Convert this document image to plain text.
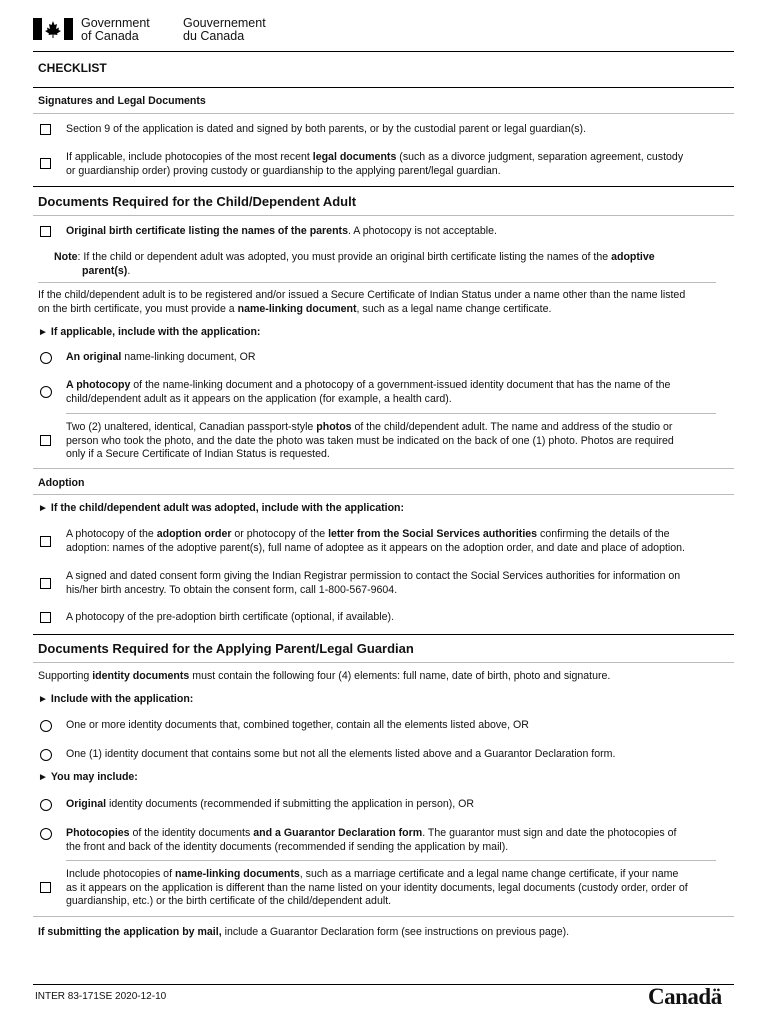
Government
of Canada
Gouvernement
du Canada
CHECKLIST
Signatures and Legal Documents
Section 9 of the application is dated and signed by both parents, or by the custodial parent or legal guardian(s).
If applicable, include photocopies of the most recent legal documents (such as a divorce judgment, separation agreement, custody
or guardianship order) proving custody or guardianship to the applying parent/legal guardian.
Documents Required for the Child/Dependent Adult
Original birth certificate listing the names of the parents. A photocopy is not acceptable.
Note: If the child or dependent adult was adopted, you must provide an original birth certificate listing the names of the adoptive
parent(s).
If the child/dependent adult is to be registered and/or issued a Secure Certificate of Indian Status under a name other than the name listed
on the birth certificate, you must provide a name-linking document, such as a legal name change certificate.
► If applicable, include with the application:
An original name-linking document, OR
A photocopy of the name-linking document and a photocopy of a government-issued identity document that has the name of the
child/dependent adult as it appears on the application (for example, a health card).
Two (2) unaltered, identical, Canadian passport-style photos of the child/dependent adult. The name and address of the studio or
person who took the photo, and the date the photo was taken must be indicated on the back of one (1) photo. Photos are required
only if a Secure Certificate of Indian Status is requested.
Adoption
► If the child/dependent adult was adopted, include with the application:
A photocopy of the adoption order or photocopy of the letter from the Social Services authorities confirming the details of the
adoption: names of the adoptive parent(s), full name of adoptee as it appears on the adoption order, and date and place of adoption.
A signed and dated consent form giving the Indian Registrar permission to contact the Social Services authorities for information on
his/her birth ancestry. To obtain the consent form, call 1-800-567-9604.
A photocopy of the pre-adoption birth certificate (optional, if available).
Documents Required for the Applying Parent/Legal Guardian
Supporting identity documents must contain the following four (4) elements: full name, date of birth, photo and signature.
► Include with the application:
One or more identity documents that, combined together, contain all the elements listed above, OR
One (1) identity document that contains some but not all the elements listed above and a Guarantor Declaration form.
► You may include:
Original identity documents (recommended if submitting the application in person), OR
Photocopies of the identity documents and a Guarantor Declaration form. The guarantor must sign and date the photocopies of
the front and back of the identity documents (recommended if sending the application by mail).
Include photocopies of name-linking documents, such as a marriage certificate and a legal name change certificate, if your name
as it appears on the application is different than the name listed on your identity documents, legal documents (custody order, order of
guardianship, etc.) or the birth certificate of the child/dependent adult.
If submitting the application by mail, include a Guarantor Declaration form (see instructions on previous page).
INTER 83-171SE 2020-12-10	Canadä
